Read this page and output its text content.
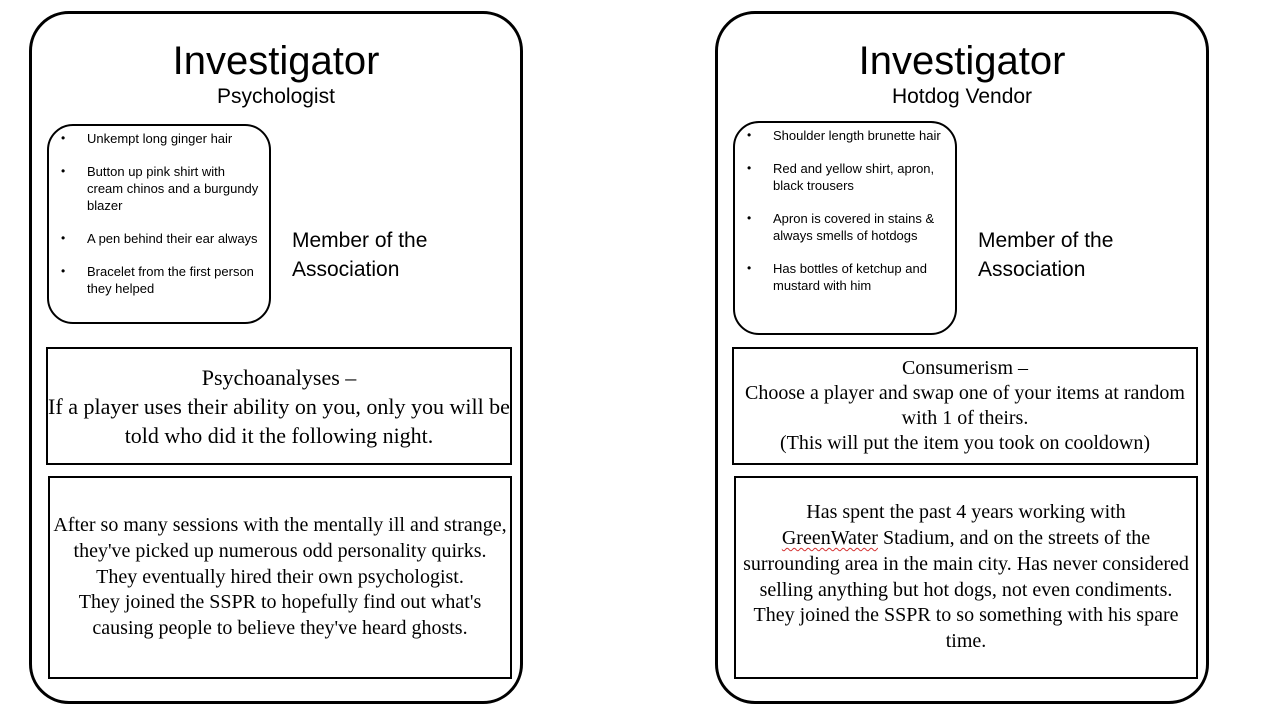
Investigator
Psychologist
• Unkempt long ginger hair
• Button up pink shirt with cream chinos and a burgundy blazer
• A pen behind their ear always
• Bracelet from the first person they helped
Member of the Association

Psychoanalyses –

If a player uses their ability on you, only you will be told who did it the following night.

After so many sessions with the mentally ill and strange, they've picked up numerous odd personality quirks.

They eventually hired their own psychologist.

They joined the SSPR to hopefully find out what's causing people to believe they've heard ghosts.

Investigator
Hotdog Vendor
• Shoulder length brunette hair
• Red and yellow shirt, apron, black trousers
• Apron is covered in stains & always smells of hotdogs
• Has bottles of ketchup and mustard with him
Member of the Association

Consumerism –

Choose a player and swap one of your items at random with 1 of theirs.

(This will put the item you took on cooldown)

Has spent the past 4 years working with
GreenWater Stadium, and on the streets of the surrounding area in the main city. Has never considered selling anything but hot dogs, not even condiments.

They joined the SSPR to so something with his spare time.
